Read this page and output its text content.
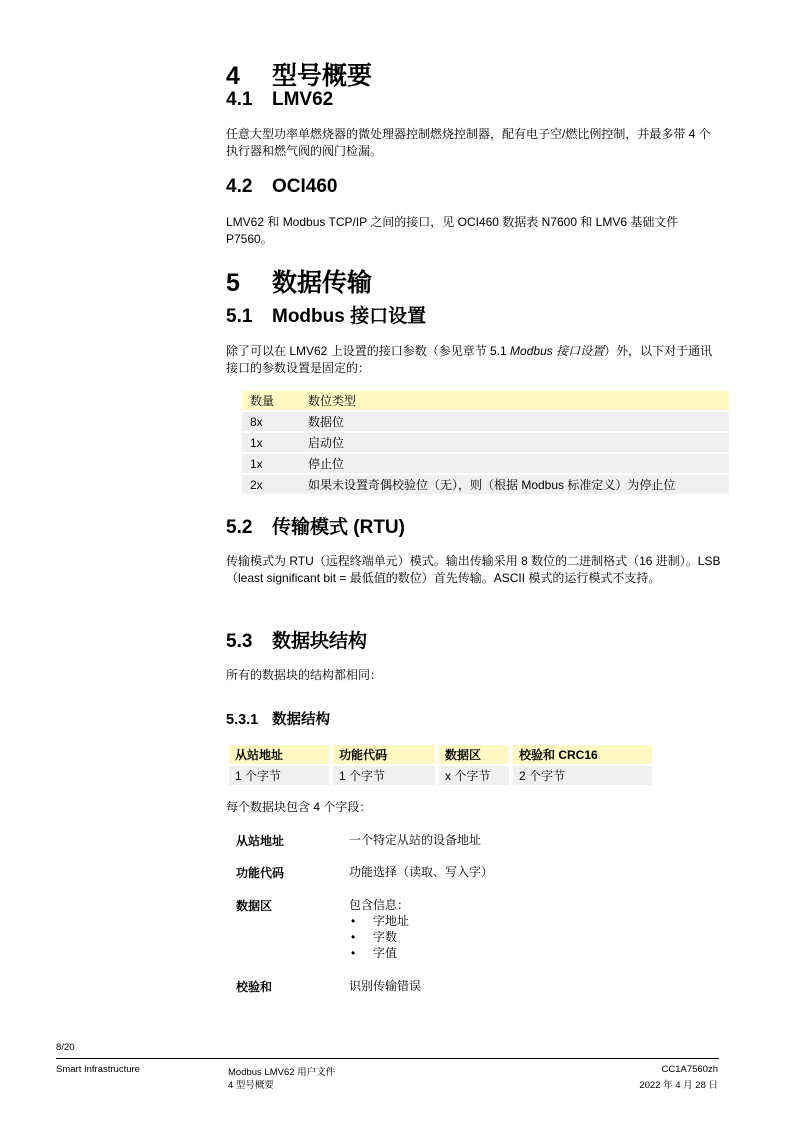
4 型号概要
4.1 LMV62
任意大型功率单燃烧器的微处理器控制燃烧控制器，配有电子空/燃比例控制，并最多带 4 个执行器和燃气阀的阀门检漏。
4.2 OCI460
LMV62 和 Modbus TCP/IP 之间的接口，见 OCI460 数据表 N7600 和 LMV6 基础文件 P7560。
5 数据传输
5.1 Modbus 接口设置
除了可以在 LMV62 上设置的接口参数（参见章节 5.1 Modbus 接口设置）外，以下对于通讯接口的参数设置是固定的：
数量	数位类型
8x	数据位
1x	启动位
1x	停止位
2x	如果未设置奇偶校验位（无），则（根据 Modbus 标准定义）为停止位
5.2 传输模式 (RTU)
传输模式为 RTU（远程终端单元）模式。输出传输采用 8 数位的二进制格式（16 进制）。LSB（least significant bit = 最低值的数位）首先传输。ASCII 模式的运行模式不支持。
5.3 数据块结构
所有的数据块的结构都相同：
5.3.1 数据结构
从站地址		功能代码		数据区		校验和 CRC16
1 个字节		1 个字节		x 个字节		2 个字节
每个数据块包含 4 个字段：
从站地址	一个特定从站的设备地址
功能代码	功能选择（读取、写入字）
数据区	包含信息：
• 字地址
• 字数
• 字值
校验和	识别传输错误
8/20
Smart Infrastructure	Modbus LMV62 用户文件
4 型号概要
CC1A7560zh
2022 年 4 月 28 日
